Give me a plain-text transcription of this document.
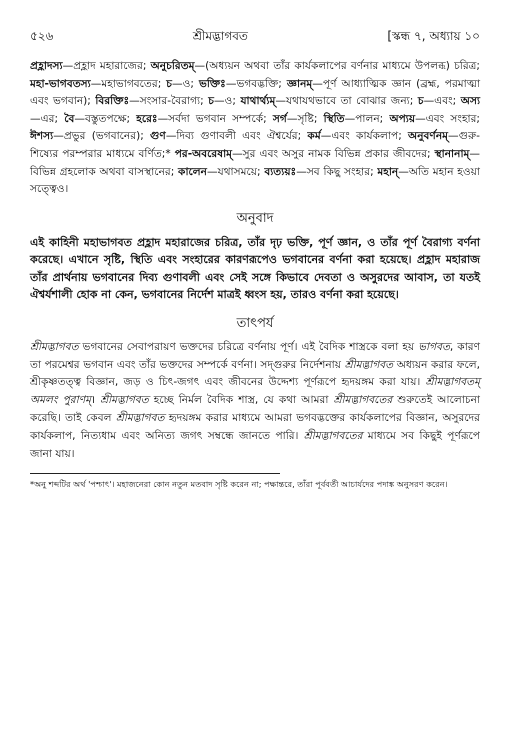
৫২৬	শ্রীমদ্ভাগবত	[স্কন্ধ ৭, অধ্যায় ১০

প্রহ্লাদস্য—প্রহ্লাদ মহারাজের; অনুচরিতম্—(অধ্যয়ন অথবা তাঁর কার্যকলাপের বর্ণনার মাধ্যমে উপলব্ধ) চরিত্র; মহা-ভাগবতস্য—মহাভাগবতের; চ—ও; ভক্তিঃ—ভগবদ্ভক্তি; জ্ঞানম্—পূর্ণ আধ্যাত্মিক জ্ঞান (ব্রহ্ম, পরমাত্মা এবং ভগবান); বিরক্তিঃ—সংসার-বৈরাগ্য; চ—ও; যাথার্থ্যম্—যথাযথভাবে তা বোঝার জন্য; চ—এবং; অস্য—এর; বৈ—বস্তুতপক্ষে; হরেঃ—সর্বদা ভগবান সম্পর্কে; সর্গ—সৃষ্টি; স্থিতি—পালন; অপ্যয়—এবং সংহার; ঈশস্য—প্রভুর (ভগবানের); গুণ—দিব্য গুণাবলী এবং ঐশ্বর্যের; কর্ম—এবং কার্যকলাপ; অনুবর্ণনম্—গুরু-শিষ্যের পরম্পরার মাধ্যমে বর্ণিত;* পর-অবরেষাম্—সুর এবং অসুর নামক বিভিন্ন প্রকার জীবদের; স্থানানাম্—বিভিন্ন গ্রহলোক অথবা বাসস্থানের; কালেন—যথাসময়ে; ব্যত্যয়ঃ—সব কিছু সংহার; মহান্—অতি মহান হওয়া সত্ত্বেও।

অনুবাদ

এই কাহিনী মহাভাগবত প্রহ্লাদ মহারাজের চরিত্র, তাঁর দৃঢ় ভক্তি, পূর্ণ জ্ঞান, ও তাঁর পূর্ণ বৈরাগ্য বর্ণনা করেছে। এখানে সৃষ্টি, স্থিতি এবং সংহারের কারণরূপেও ভগবানের বর্ণনা করা হয়েছে। প্রহ্লাদ মহারাজ তাঁর প্রার্থনায় ভগবানের দিব্য গুণাবলী এবং সেই সঙ্গে কিভাবে দেবতা ও অসুরদের আবাস, তা যতই ঐশ্বর্যশালী হোক না কেন, ভগবানের নির্দেশ মাত্রই ধ্বংস হয়, তারও বর্ণনা করা হয়েছে।

তাৎপর্য

শ্রীমদ্ভাগবত ভগবানের সেবাপরায়ণ ভক্তদের চরিত্রে বর্ণনায় পূর্ণ। এই বৈদিক শাস্ত্রকে বলা হয় ভাগবত, কারণ তা পরমেশ্বর ভগবান এবং তাঁর ভক্তদের সম্পর্কে বর্ণনা। সদ্গুরুর নির্দেশনায় শ্রীমদ্ভাগবত অধ্যয়ন করার ফলে, শ্রীকৃষ্ণতত্ত্ব বিজ্ঞান, জড় ও চিৎ-জগৎ এবং জীবনের উদ্দেশ্য পূর্ণরূপে হৃদয়ঙ্গম করা যায়। শ্রীমদ্ভাগবতম্ অমলং পুরাণম্। শ্রীমদ্ভাগবত হচ্ছে নির্মল বৈদিক শাস্ত্র, যে কথা আমরা শ্রীমদ্ভাগবতের শুরুতেই আলোচনা করেছি। তাই কেবল শ্রীমদ্ভাগবত হৃদয়ঙ্গম করার মাধ্যমে আমরা ভগবদ্ভক্তের কার্যকলাপের বিজ্ঞান, অসুরদের কার্যকলাপ, নিত্যধাম এবং অনিত্য জগৎ সম্বন্ধে জানতে পারি। শ্রীমদ্ভাগবতের মাধ্যমে সব কিছুই পূর্ণরূপে জানা যায়।

*অনু শব্দটির অর্থ 'পশ্চাৎ'। মহাজনেরা কোন নতুন মতবাদ সৃষ্টি করেন না; পক্ষান্তরে, তাঁরা পূর্ববর্তী আচার্যদের পদাঙ্ক অনুসরণ করেন।
